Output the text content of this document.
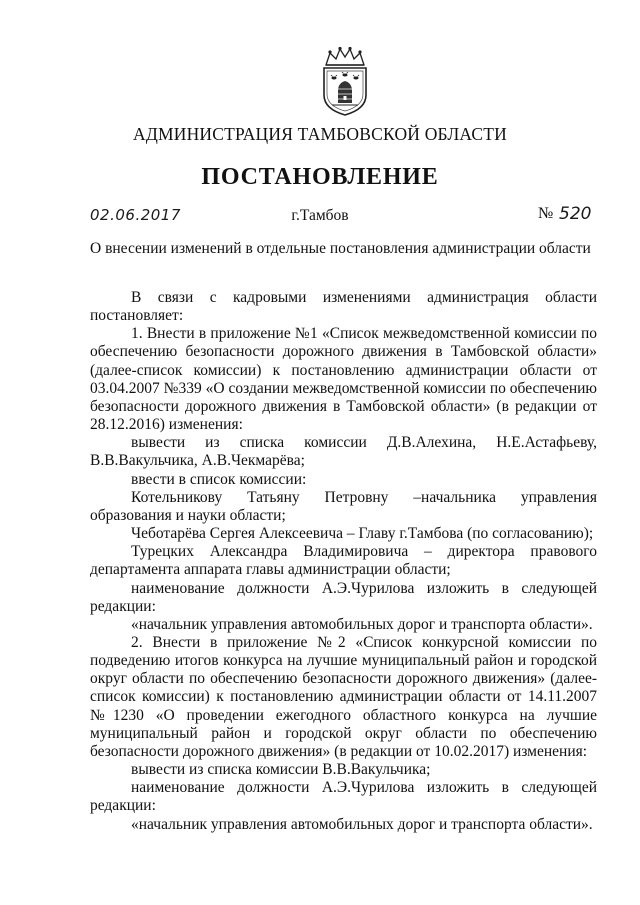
АДМИНИСТРАЦИЯ ТАМБОВСКОЙ ОБЛАСТИ
ПОСТАНОВЛЕНИЕ
02.06.2017	г.Тамбов	№ 520
О внесении изменений в отдельные постановления администрации области

В связи с кадровыми изменениями администрация области постановляет:

1. Внести в приложение №1 «Список межведомственной комиссии по обеспечению безопасности дорожного движения в Тамбовской области» (далее-список комиссии) к постановлению администрации области от 03.04.2007 №339 «О создании межведомственной комиссии по обеспечению безопасности дорожного движения в Тамбовской области» (в редакции от 28.12.2016) изменения:

вывести из списка комиссии Д.В.Алехина, Н.Е.Астафьеву, В.В.Вакульчика, А.В.Чекмарёва;

ввести в список комиссии:

Котельникову Татьяну Петровну –начальника управления образования и науки области;

Чеботарёва Сергея Алексеевича – Главу г.Тамбова (по согласованию);

Турецких Александра Владимировича – директора правового департамента аппарата главы администрации области;

наименование должности А.Э.Чурилова изложить в следующей редакции:

«начальник управления автомобильных дорог и транспорта области».

2. Внести в приложение №2 «Список конкурсной комиссии по подведению итогов конкурса на лучшие муниципальный район и городской округ области по обеспечению безопасности дорожного движения» (далее-список комиссии) к постановлению администрации области от 14.11.2007 №1230 «О проведении ежегодного областного конкурса на лучшие муниципальный район и городской округ области по обеспечению безопасности дорожного движения» (в редакции от 10.02.2017) изменения:

вывести из списка комиссии В.В.Вакульчика;

наименование должности А.Э.Чурилова изложить в следующей редакции:

«начальник управления автомобильных дорог и транспорта области».
